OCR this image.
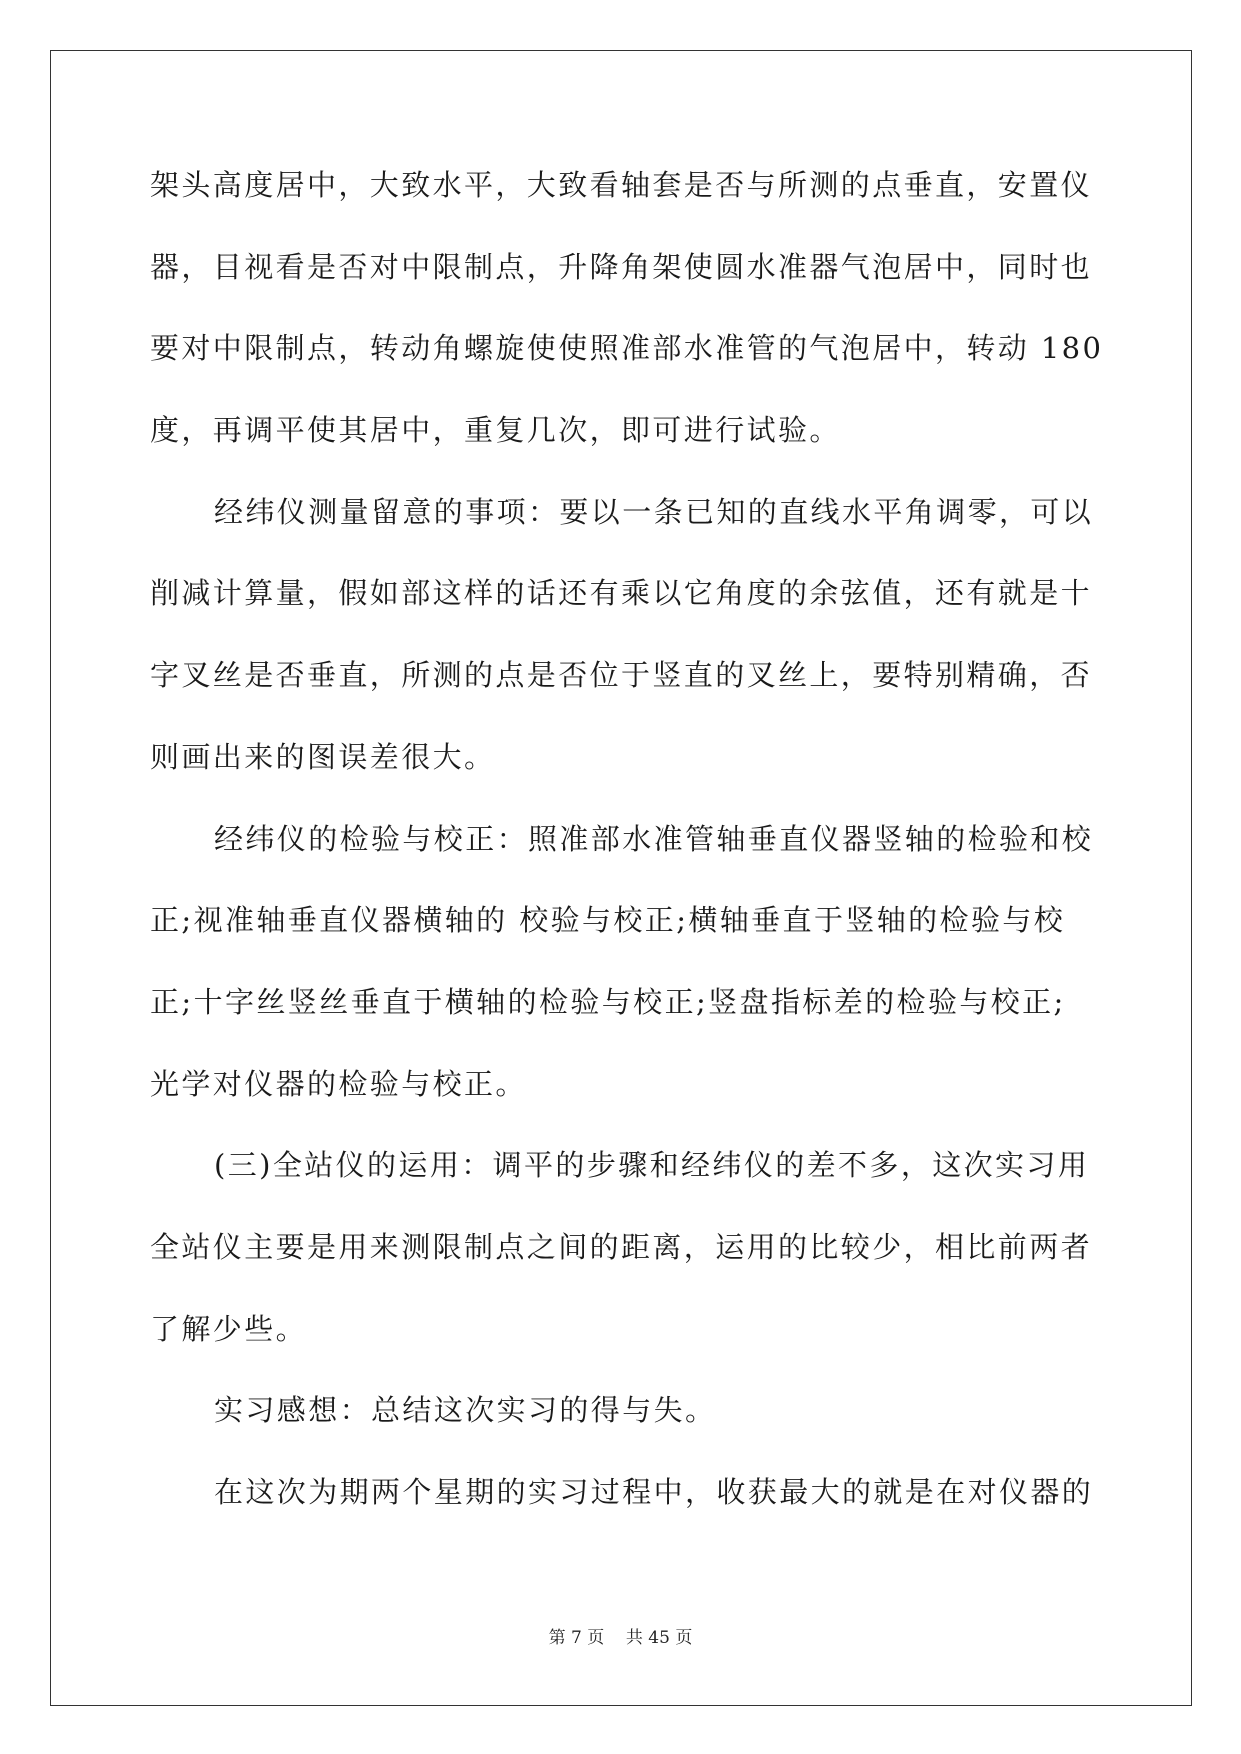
架头高度居中，大致水平，大致看轴套是否与所测的点垂直，安置仪
器，目视看是否对中限制点，升降角架使圆水准器气泡居中，同时也
要对中限制点，转动角螺旋使使照准部水准管的气泡居中，转动 180
度，再调平使其居中，重复几次，即可进行试验。
经纬仪测量留意的事项：要以一条已知的直线水平角调零，可以
削减计算量，假如部这样的话还有乘以它角度的余弦值，还有就是十
字叉丝是否垂直，所测的点是否位于竖直的叉丝上，要特别精确，否
则画出来的图误差很大。
经纬仪的检验与校正：照准部水准管轴垂直仪器竖轴的检验和校
正;视准轴垂直仪器横轴的 校验与校正;横轴垂直于竖轴的检验与校
正;十字丝竖丝垂直于横轴的检验与校正;竖盘指标差的检验与校正;
光学对仪器的检验与校正。
(三)全站仪的运用：调平的步骤和经纬仪的差不多，这次实习用
全站仪主要是用来测限制点之间的距离，运用的比较少，相比前两者
了解少些。
实习感想：总结这次实习的得与失。
在这次为期两个星期的实习过程中，收获最大的就是在对仪器的
第 7 页 共 45 页
